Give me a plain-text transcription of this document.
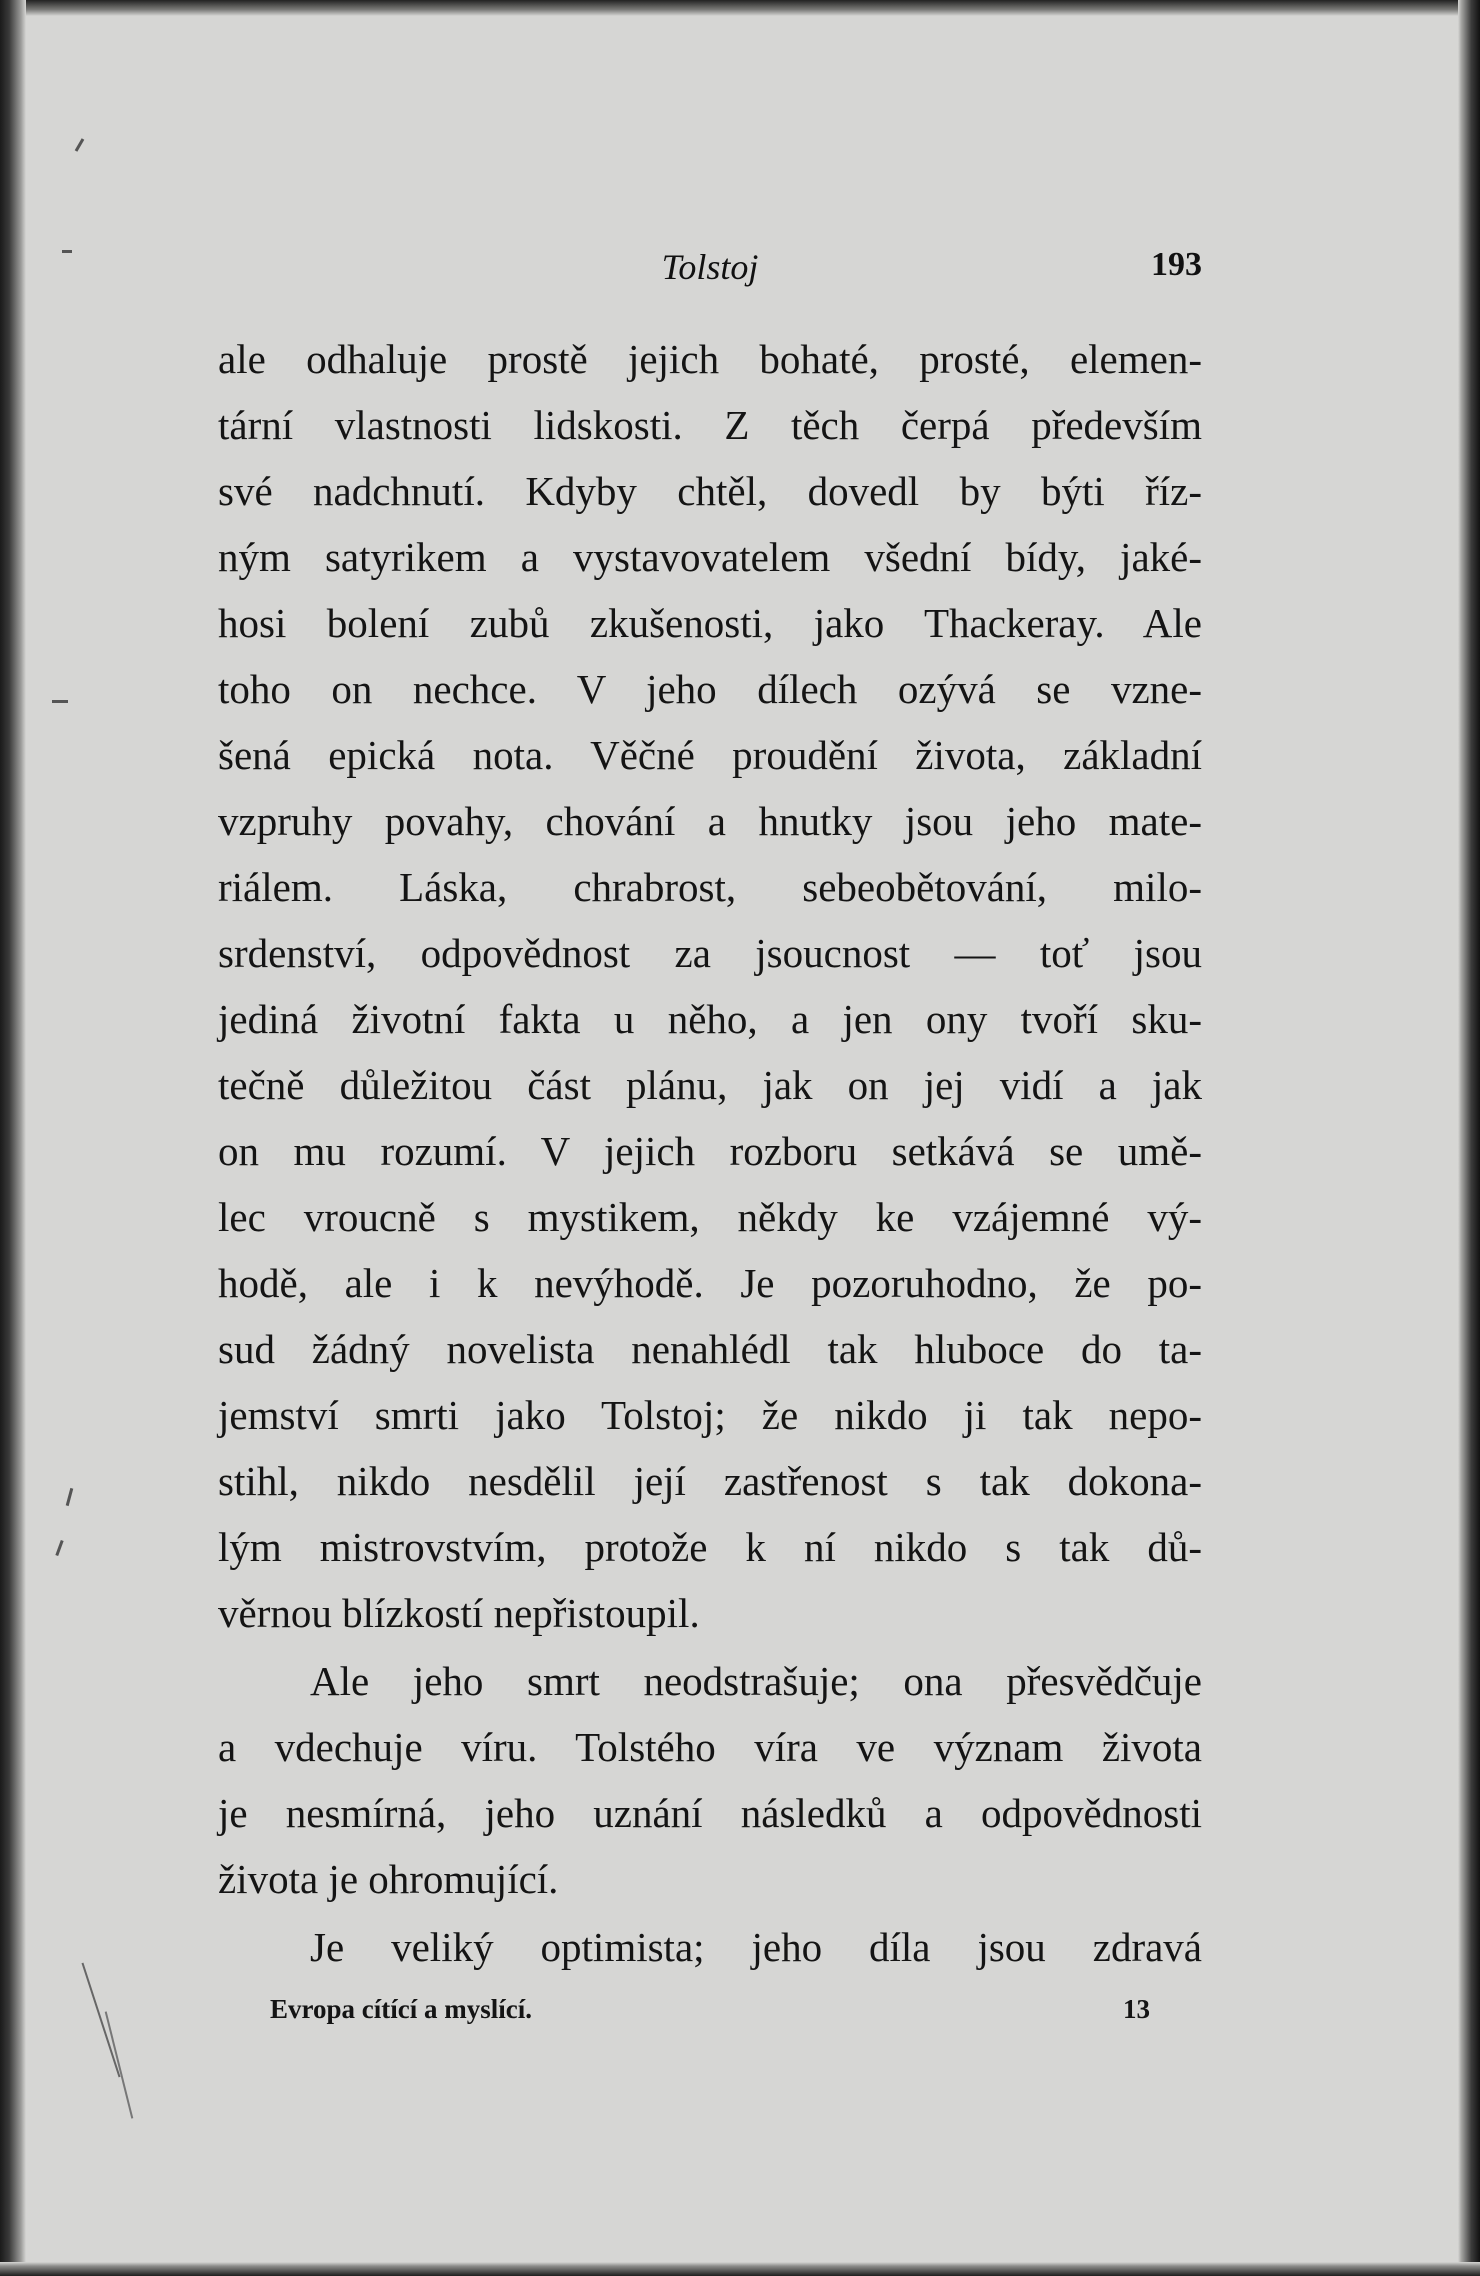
Tolstoj	193
ale odhaluje prostě jejich bohaté, prosté, elemen-
tární vlastnosti lidskosti. Z těch čerpá především
své nadchnutí. Kdyby chtěl, dovedl by býti říz-
ným satyrikem a vystavovatelem všední bídy, jaké-
hosi bolení zubů zkušenosti, jako Thackeray. Ale
toho on nechce. V jeho dílech ozývá se vzne-
šená epická nota. Věčné proudění života, základní
vzpruhy povahy, chování a hnutky jsou jeho mate-
riálem. Láska, chrabrost, sebeobětování, milo-
srdenství, odpovědnost za jsoucnost — toť jsou
jediná životní fakta u něho, a jen ony tvoří sku-
tečně důležitou část plánu, jak on jej vidí a jak
on mu rozumí. V jejich rozboru setkává se umě-
lec vroucně s mystikem, někdy ke vzájemné vý-
hodě, ale i k nevýhodě. Je pozoruhodno, že po-
sud žádný novelista nenahlédl tak hluboce do ta-
jemství smrti jako Tolstoj; že nikdo ji tak nepo-
stihl, nikdo nesdělil její zastřenost s tak dokona-
lým mistrovstvím, protože k ní nikdo s tak dů-
věrnou blízkostí nepřistoupil.
Ale jeho smrt neodstrašuje; ona přesvědčuje
a vdechuje víru. Tolstého víra ve význam života
je nesmírná, jeho uznání následků a odpovědnosti
života je ohromující.
Je veliký optimista; jeho díla jsou zdravá
Evropa cítící a myslící.	13
